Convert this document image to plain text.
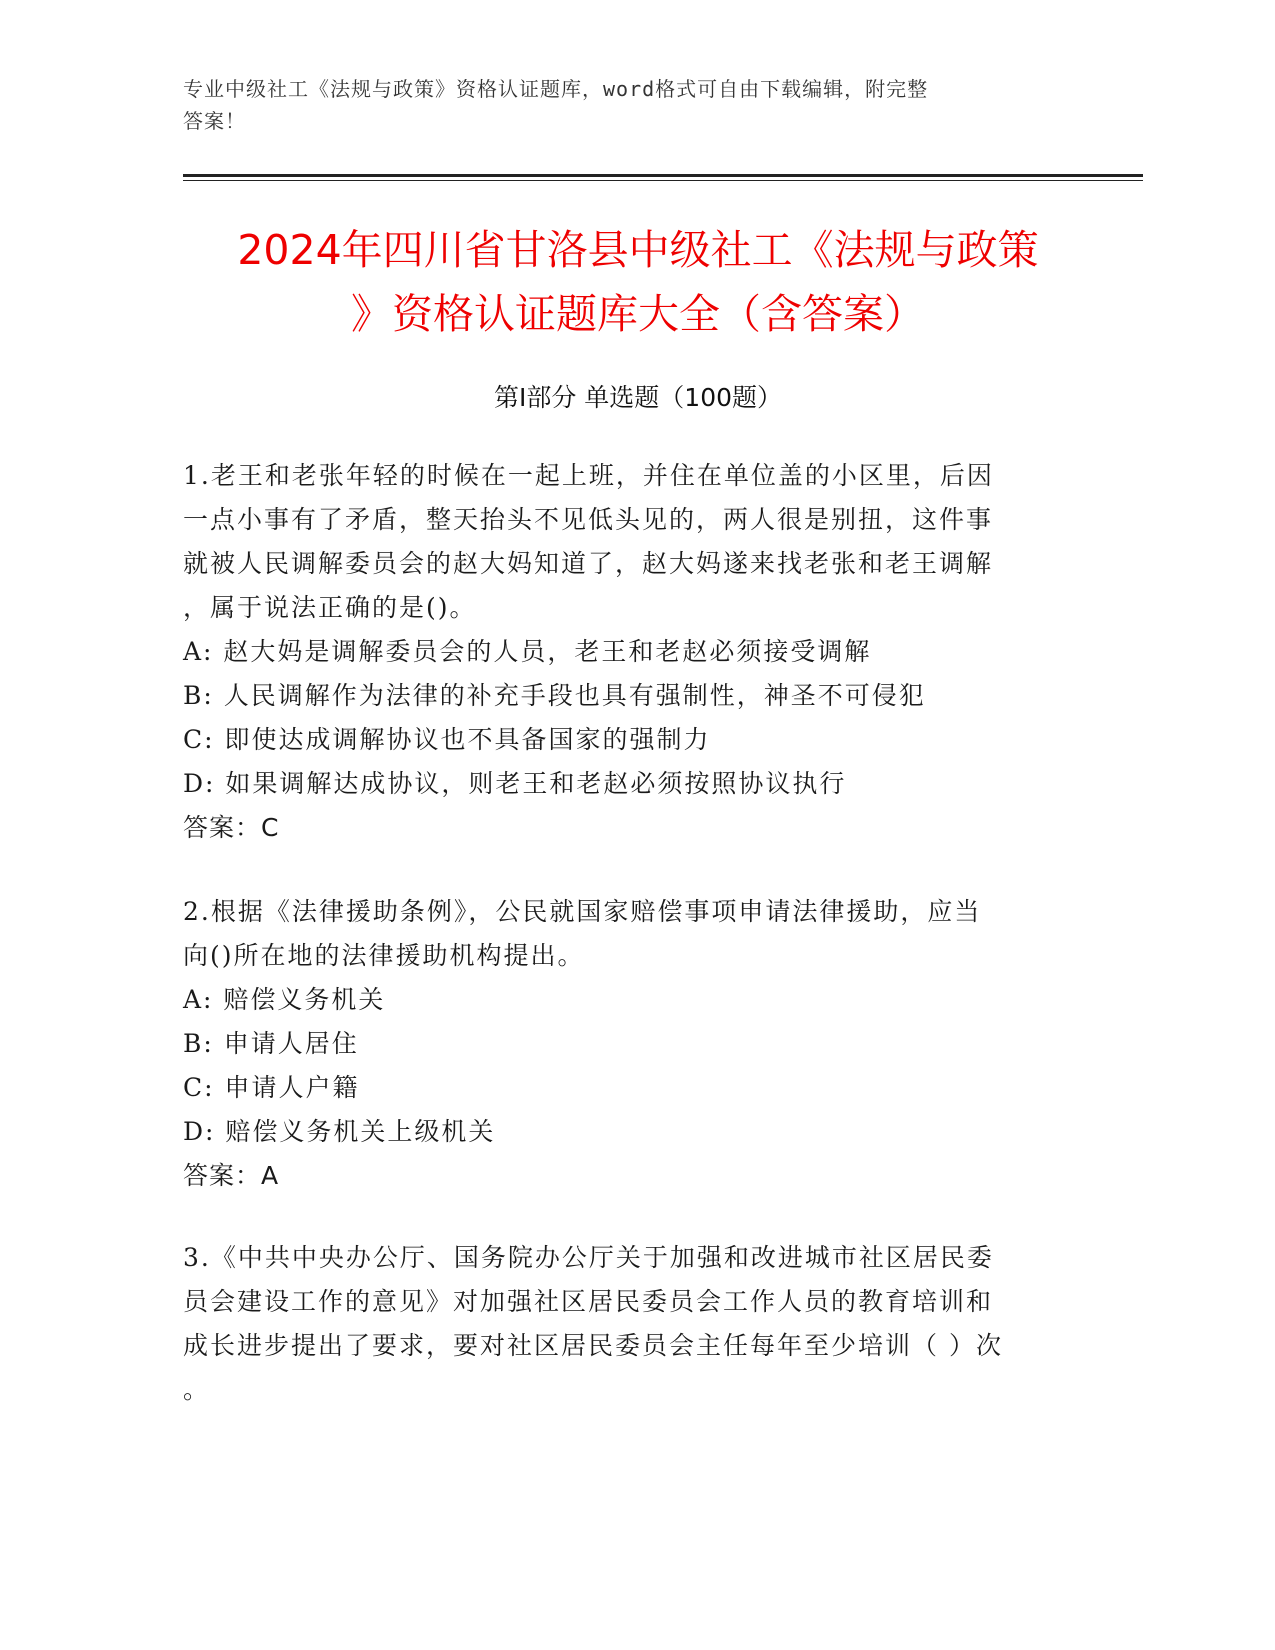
专业中级社工《法规与政策》资格认证题库，word格式可自由下载编辑，附完整
答案！
2024年四川省甘洛县中级社工《法规与政策
》资格认证题库大全（含答案）
第Ⅰ部分 单选题（100题）

1.老王和老张年轻的时候在一起上班，并住在单位盖的小区里，后因

一点小事有了矛盾，整天抬头不见低头见的，两人很是别扭，这件事

就被人民调解委员会的赵大妈知道了，赵大妈遂来找老张和老王调解

，属于说法正确的是()。

A: 赵大妈是调解委员会的人员，老王和老赵必须接受调解

B: 人民调解作为法律的补充手段也具有强制性，神圣不可侵犯

C: 即使达成调解协议也不具备国家的强制力

D: 如果调解达成协议，则老王和老赵必须按照协议执行

答案：C

2.根据《法律援助条例》，公民就国家赔偿事项申请法律援助，应当

向()所在地的法律援助机构提出。

A: 赔偿义务机关

B: 申请人居住

C: 申请人户籍

D: 赔偿义务机关上级机关

答案：A

3.《中共中央办公厅、国务院办公厅关于加强和改进城市社区居民委

员会建设工作的意见》对加强社区居民委员会工作人员的教育培训和

成长进步提出了要求，要对社区居民委员会主任每年至少培训（ ）次

。
